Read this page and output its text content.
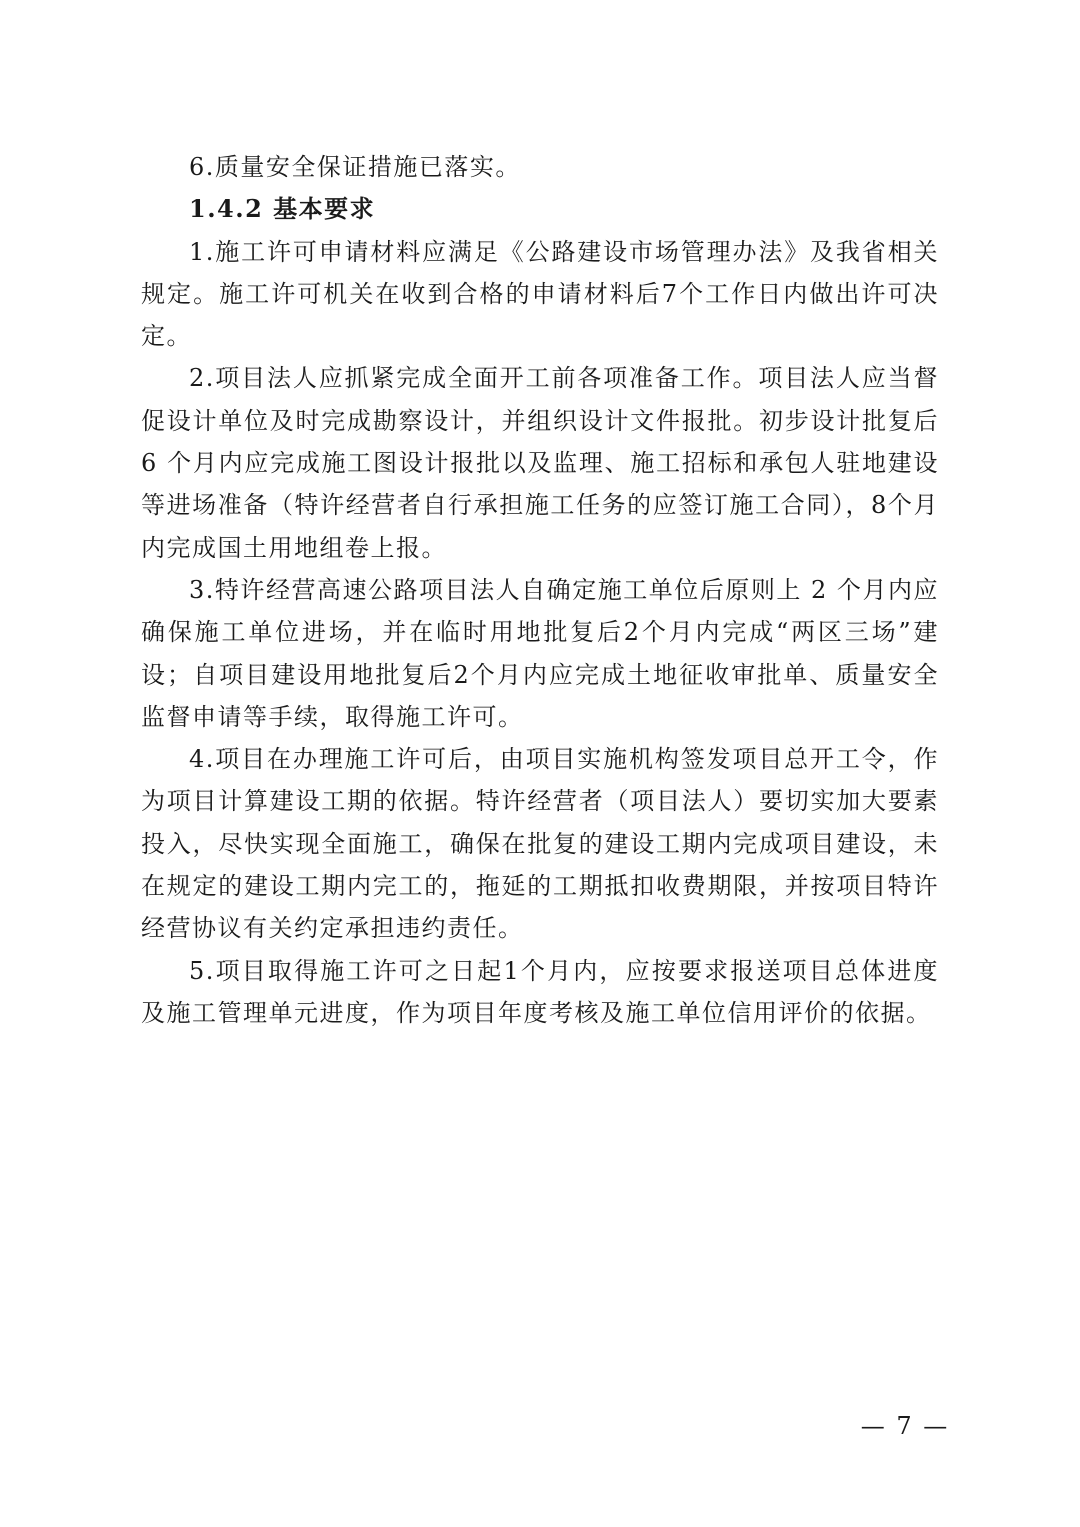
6.质量安全保证措施已落实。

1.4.2 基本要求

1.施工许可申请材料应满足《公路建设市场管理办法》及我省相关规定。施工许可机关在收到合格的申请材料后7个工作日内做出许可决定。

2.项目法人应抓紧完成全面开工前各项准备工作。项目法人应当督促设计单位及时完成勘察设计，并组织设计文件报批。初步设计批复后 6 个月内应完成施工图设计报批以及监理、施工招标和承包人驻地建设等进场准备（特许经营者自行承担施工任务的应签订施工合同），8个月内完成国土用地组卷上报。

3.特许经营高速公路项目法人自确定施工单位后原则上 2 个月内应确保施工单位进场，并在临时用地批复后2个月内完成“两区三场”建设；自项目建设用地批复后2个月内应完成土地征收审批单、质量安全监督申请等手续，取得施工许可。

4.项目在办理施工许可后，由项目实施机构签发项目总开工令，作为项目计算建设工期的依据。特许经营者（项目法人）要切实加大要素投入，尽快实现全面施工，确保在批复的建设工期内完成项目建设，未在规定的建设工期内完工的，拖延的工期抵扣收费期限，并按项目特许经营协议有关约定承担违约责任。

5.项目取得施工许可之日起1个月内，应按要求报送项目总体进度及施工管理单元进度，作为项目年度考核及施工单位信用评价的依据。

— 7 —
